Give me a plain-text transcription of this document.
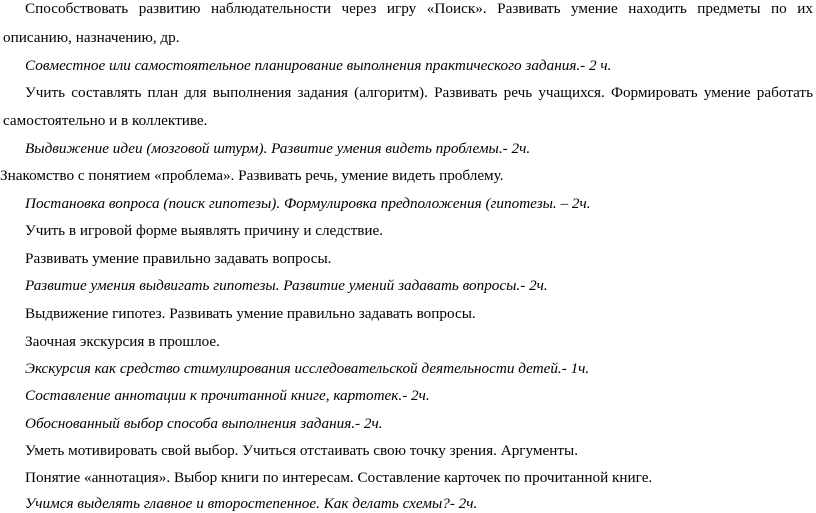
Способствовать развитию наблюдательности через игру «Поиск». Развивать умение находить предметы по их

описанию, назначению, др.

Совместное или самостоятельное планирование выполнения практического задания.- 2 ч.

Учить составлять план для выполнения задания (алгоритм). Развивать речь учащихся. Формировать умение работать

самостоятельно и в коллективе.

Выдвижение идеи (мозговой штурм). Развитие умения видеть проблемы.- 2ч.

Знакомство с понятием «проблема». Развивать речь, умение видеть проблему.

Постановка вопроса (поиск гипотезы). Формулировка предположения (гипотезы. – 2ч.

Учить в игровой форме выявлять причину и следствие.

Развивать умение правильно задавать вопросы.

Развитие умения выдвигать гипотезы. Развитие умений задавать вопросы.- 2ч.

Выдвижение гипотез. Развивать умение правильно задавать вопросы.

Заочная экскурсия в прошлое.

Экскурсия как средство стимулирования исследовательской деятельности детей.- 1ч.

Составление аннотации к прочитанной книге, картотек.- 2ч.

Обоснованный выбор способа выполнения задания.- 2ч.

Уметь мотивировать свой выбор. Учиться отстаивать свою точку зрения. Аргументы.

Понятие «аннотация». Выбор книги по интересам. Составление карточек по прочитанной книге.

Учимся выделять главное и второстепенное. Как делать схемы?- 2ч.
